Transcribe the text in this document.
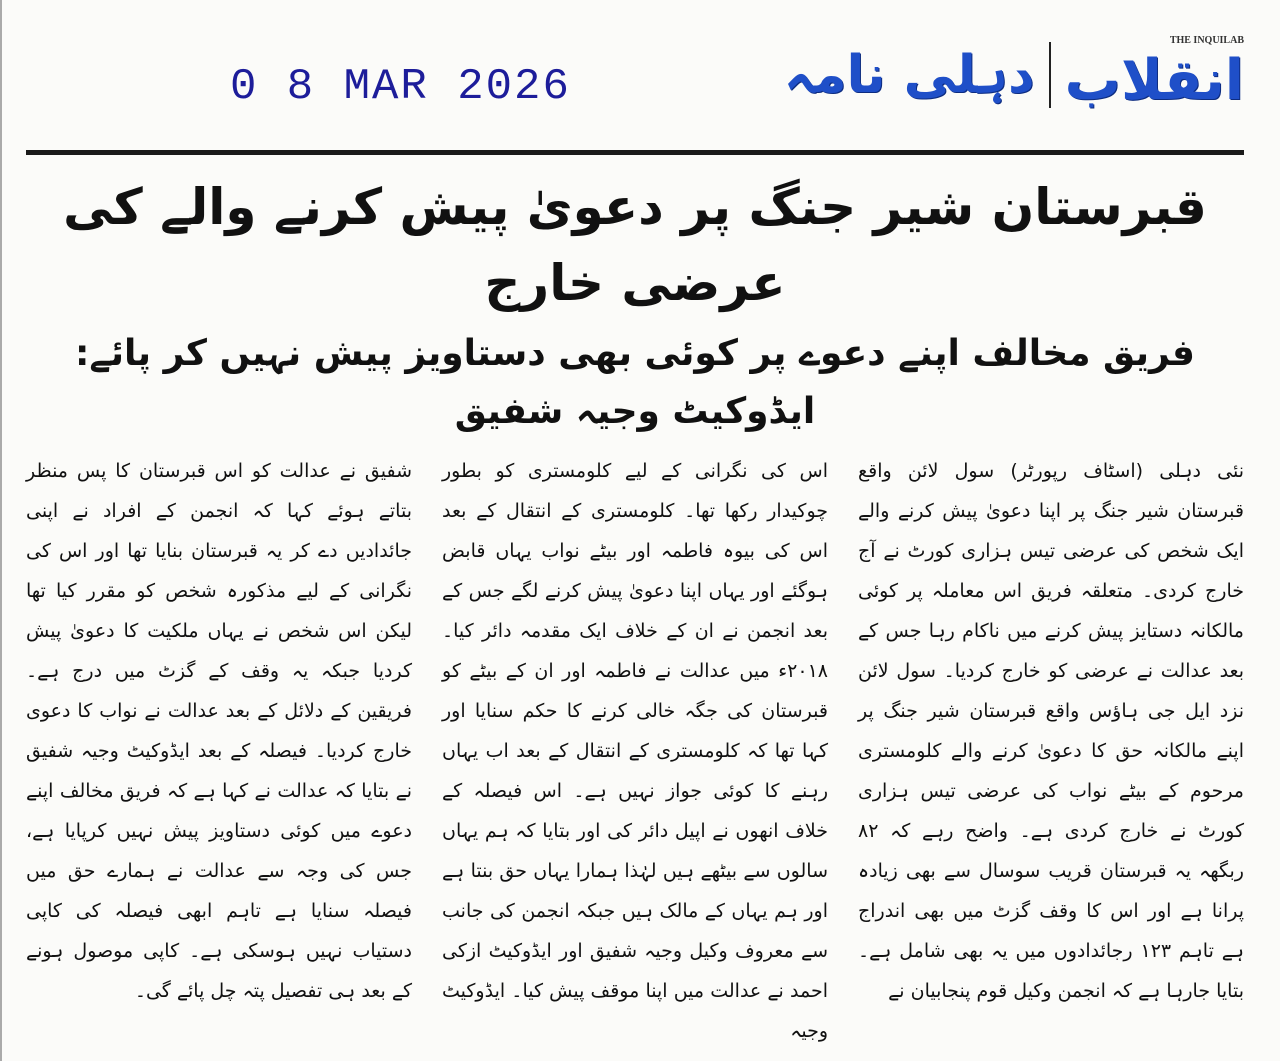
0 8 MAR 2026
THE INQUILAB
انقلاب
دہلی نامہ
قبرستان شیر جنگ پر دعویٰ پیش کرنے والے کی عرضی خارج
فریق مخالف اپنے دعوے پر کوئی بھی دستاویز پیش نہیں کر پائے: ایڈوکیٹ وجیہ شفیق
نئی دہلی (اسٹاف رپورٹر) سول لائن واقعقبرستان شیر جنگ پر اپنا دعویٰ پیش کرنے والےایک شخص کی عرضی تیس ہزاری کورٹ نے آج خارجکردی۔ متعلقہ فریق اس معاملہ پر کوئی مالکانہ دستایزپیش کرنے میں ناکام رہا جس کے بعد عدالت نےعرضی کو خارج کردیا۔ سول لائن نزد ایل جی ہاؤسواقع قبرستان شیر جنگ پر اپنے مالکانہ حق کا دعویٰکرنے والے کلومستری مرحوم کے بیٹے نواب کیعرضی تیس ہزاری کورٹ نے خارج کردی ہے۔واضح رہے کہ ۸۲ ربگھہ یہ قبرستان قریب سوسالسے بھی زیادہ پرانا ہے اور اس کا وقف گزٹ میں بھیاندراج ہے تاہم ۱۲۳ رجائدادوں میں یہ بھی شاملہے۔ بتایا جارہا ہے کہ انجمن وکیل قوم پنجابیان نے
اس کی نگرانی کے لیے کلومستری کو بطور چوکیدار رکھاتھا۔ کلومستری کے انتقال کے بعد اس کی بیوہ فاطمہاور بیٹے نواب یہاں قابض ہوگئے اور یہاں اپنادعویٰ پیش کرنے لگے جس کے بعد انجمن نے انکے خلاف ایک مقدمہ دائر کیا۔ ۲۰۱۸ء میں عدالتنے فاطمہ اور ان کے بیٹے کو قبرستان کی جگہ خالیکرنے کا حکم سنایا اور کہا تھا کہ کلومستری کے انتقالکے بعد اب یہاں رہنے کا کوئی جواز نہیں ہے۔ اسفیصلہ کے خلاف انھوں نے اپیل دائر کی اور بتایا کہہم یہاں سالوں سے بیٹھے ہیں لہٰذا ہمارا یہاں حق بنتاہے اور ہم یہاں کے مالک ہیں جبکہ انجمن کی جانبسے معروف وکیل وجیہ شفیق اور ایڈوکیٹ ازکی احمدنے عدالت میں اپنا موقف پیش کیا۔ ایڈوکیٹ وجیہ
شفیق نے عدالت کو اس قبرستان کا پس منظر بتاتےہوئے کہا کہ انجمن کے افراد نے اپنی جائدادیںدے کر یہ قبرستان بنایا تھا اور اس کی نگرانی کے لیےمذکورہ شخص کو مقرر کیا تھا لیکن اس شخص نے یہاںملکیت کا دعویٰ پیش کردیا جبکہ یہ وقف کے گزٹمیں درج ہے۔ فریقین کے دلائل کے بعد عدالتنے نواب کا دعوی خارج کردیا۔ فیصلہ کے بعدایڈوکیٹ وجیہ شفیق نے بتایا کہ عدالت نے کہا ہےکہ فریق مخالف اپنے دعوے میں کوئی دستاویز پیشنہیں کرپایا ہے، جس کی وجہ سے عدالت نےہمارے حق میں فیصلہ سنایا ہے تاہم ابھی فیصلہ کی کاپیدستیاب نہیں ہوسکی ہے۔ کاپی موصول ہونے کےبعد ہی تفصیل پتہ چل پائے گی۔
